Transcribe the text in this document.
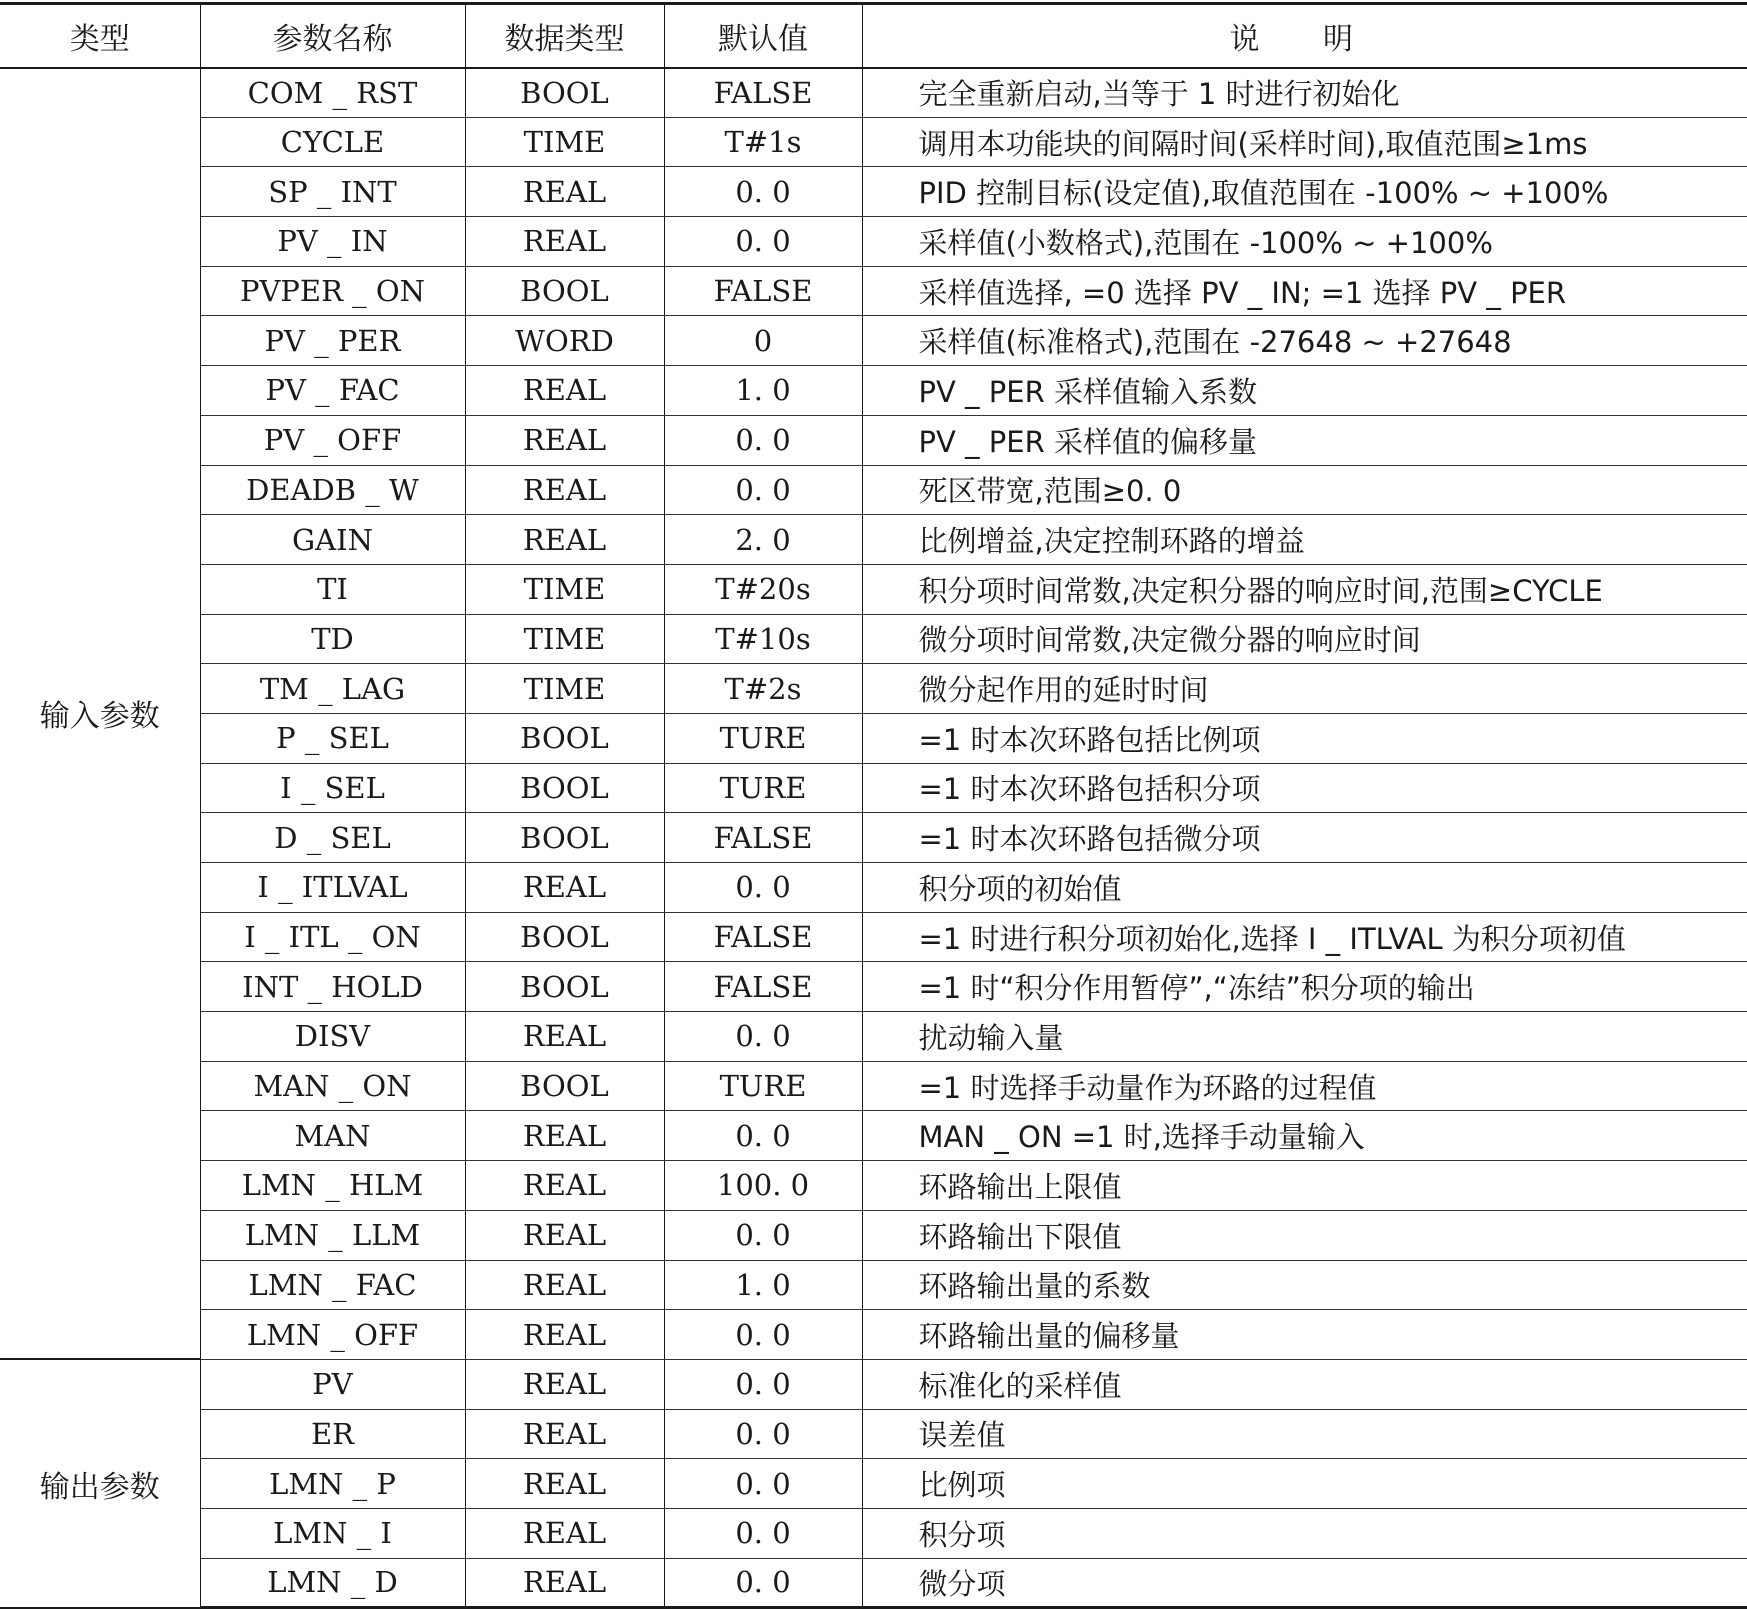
类型	参数名称	数据类型	默认值	说 明
输入参数	COM _ RST	BOOL	FALSE	完全重新启动,当等于 1 时进行初始化
	CYCLE	TIME	T#1s	调用本功能块的间隔时间(采样时间),取值范围≥1ms
	SP _ INT	REAL	0. 0	PID 控制目标(设定值),取值范围在 -100% ~ +100%
	PV _ IN	REAL	0. 0	采样值(小数格式),范围在 -100% ~ +100%
	PVPER _ ON	BOOL	FALSE	采样值选择, =0 选择 PV _ IN; =1 选择 PV _ PER
	PV _ PER	WORD	0	采样值(标准格式),范围在 -27648 ~ +27648
	PV _ FAC	REAL	1. 0	PV _ PER 采样值输入系数
	PV _ OFF	REAL	0. 0	PV _ PER 采样值的偏移量
	DEADB _ W	REAL	0. 0	死区带宽,范围≥0. 0
	GAIN	REAL	2. 0	比例增益,决定控制环路的增益
	TI	TIME	T#20s	积分项时间常数,决定积分器的响应时间,范围≥CYCLE
	TD	TIME	T#10s	微分项时间常数,决定微分器的响应时间
	TM _ LAG	TIME	T#2s	微分起作用的延时时间
	P _ SEL	BOOL	TURE	=1 时本次环路包括比例项
	I _ SEL	BOOL	TURE	=1 时本次环路包括积分项
	D _ SEL	BOOL	FALSE	=1 时本次环路包括微分项
	I _ ITLVAL	REAL	0. 0	积分项的初始值
	I _ ITL _ ON	BOOL	FALSE	=1 时进行积分项初始化,选择 I _ ITLVAL 为积分项初值
	INT _ HOLD	BOOL	FALSE	=1 时“积分作用暂停”,“冻结”积分项的输出
	DISV	REAL	0. 0	扰动输入量
	MAN _ ON	BOOL	TURE	=1 时选择手动量作为环路的过程值
	MAN	REAL	0. 0	MAN _ ON =1 时,选择手动量输入
	LMN _ HLM	REAL	100. 0	环路输出上限值
	LMN _ LLM	REAL	0. 0	环路输出下限值
	LMN _ FAC	REAL	1. 0	环路输出量的系数
	LMN _ OFF	REAL	0. 0	环路输出量的偏移量
输出参数	PV	REAL	0. 0	标准化的采样值
	ER	REAL	0. 0	误差值
	LMN _ P	REAL	0. 0	比例项
	LMN _ I	REAL	0. 0	积分项
	LMN _ D	REAL	0. 0	微分项
